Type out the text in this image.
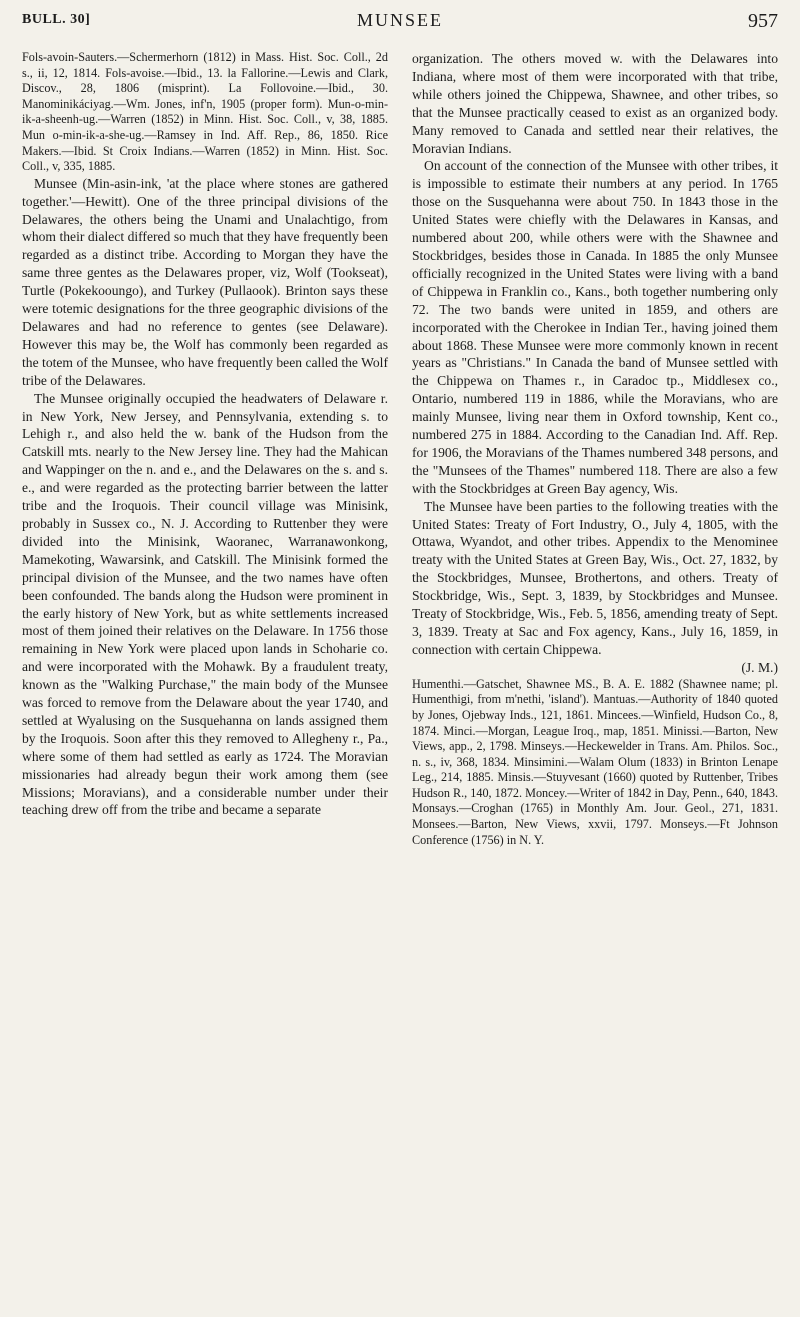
BULL. 30]	MUNSEE	957

Fols-avoin-Sauters.—Schermerhorn (1812) in Mass. Hist. Soc. Coll., 2d s., ii, 12, 1814. Fols-avoise.—Ibid., 13. la Fallorine.—Lewis and Clark, Discov., 28, 1806 (misprint). La Follovoine.—Ibid., 30. Manominikáciyag.—Wm. Jones, inf'n, 1905 (proper form). Mun-o-min-ik-a-sheenh-ug.—Warren (1852) in Minn. Hist. Soc. Coll., v, 38, 1885. Mun o-min-ik-a-she-ug.—Ramsey in Ind. Aff. Rep., 86, 1850. Rice Makers.—Ibid. St Croix Indians.—Warren (1852) in Minn. Hist. Soc. Coll., v, 335, 1885.

Munsee (Min-asin-ink, 'at the place where stones are gathered together.'—Hewitt). One of the three principal divisions of the Delawares, the others being the Unami and Unalachtigo, from whom their dialect differed so much that they have frequently been regarded as a distinct tribe. According to Morgan they have the same three gentes as the Delawares proper, viz, Wolf (Tookseat), Turtle (Pokekooungo), and Turkey (Pullaook). Brinton says these were totemic designations for the three geographic divisions of the Delawares and had no reference to gentes (see Delaware). However this may be, the Wolf has commonly been regarded as the totem of the Munsee, who have frequently been called the Wolf tribe of the Delawares.

The Munsee originally occupied the headwaters of Delaware r. in New York, New Jersey, and Pennsylvania, extending s. to Lehigh r., and also held the w. bank of the Hudson from the Catskill mts. nearly to the New Jersey line. They had the Mahican and Wappinger on the n. and e., and the Delawares on the s. and s. e., and were regarded as the protecting barrier between the latter tribe and the Iroquois. Their council village was Minisink, probably in Sussex co., N. J. According to Ruttenber they were divided into the Minisink, Waoranec, Warranawonkong, Mamekoting, Wawarsink, and Catskill. The Minisink formed the principal division of the Munsee, and the two names have often been confounded. The bands along the Hudson were prominent in the early history of New York, but as white settlements increased most of them joined their relatives on the Delaware. In 1756 those remaining in New York were placed upon lands in Schoharie co. and were incorporated with the Mohawk. By a fraudulent treaty, known as the "Walking Purchase," the main body of the Munsee was forced to remove from the Delaware about the year 1740, and settled at Wyalusing on the Susquehanna on lands assigned them by the Iroquois. Soon after this they removed to Allegheny r., Pa., where some of them had settled as early as 1724. The Moravian missionaries had already begun their work among them (see Missions; Moravians), and a considerable number under their teaching drew off from the tribe and became a separate

organization. The others moved w. with the Delawares into Indiana, where most of them were incorporated with that tribe, while others joined the Chippewa, Shawnee, and other tribes, so that the Munsee practically ceased to exist as an organized body. Many removed to Canada and settled near their relatives, the Moravian Indians.

On account of the connection of the Munsee with other tribes, it is impossible to estimate their numbers at any period. In 1765 those on the Susquehanna were about 750. In 1843 those in the United States were chiefly with the Delawares in Kansas, and numbered about 200, while others were with the Shawnee and Stockbridges, besides those in Canada. In 1885 the only Munsee officially recognized in the United States were living with a band of Chippewa in Franklin co., Kans., both together numbering only 72. The two bands were united in 1859, and others are incorporated with the Cherokee in Indian Ter., having joined them about 1868. These Munsee were more commonly known in recent years as "Christians." In Canada the band of Munsee settled with the Chippewa on Thames r., in Caradoc tp., Middlesex co., Ontario, numbered 119 in 1886, while the Moravians, who are mainly Munsee, living near them in Oxford township, Kent co., numbered 275 in 1884. According to the Canadian Ind. Aff. Rep. for 1906, the Moravians of the Thames numbered 348 persons, and the "Munsees of the Thames" numbered 118. There are also a few with the Stockbridges at Green Bay agency, Wis.

The Munsee have been parties to the following treaties with the United States: Treaty of Fort Industry, O., July 4, 1805, with the Ottawa, Wyandot, and other tribes. Appendix to the Menominee treaty with the United States at Green Bay, Wis., Oct. 27, 1832, by the Stockbridges, Munsee, Brothertons, and others. Treaty of Stockbridge, Wis., Sept. 3, 1839, by Stockbridges and Munsee. Treaty of Stockbridge, Wis., Feb. 5, 1856, amending treaty of Sept. 3, 1839. Treaty at Sac and Fox agency, Kans., July 16, 1859, in connection with certain Chippewa.

(J. M.)

Humenthi.—Gatschet, Shawnee MS., B. A. E. 1882 (Shawnee name; pl. Humenthigi, from m'nethi, 'island'). Mantuas.—Authority of 1840 quoted by Jones, Ojebway Inds., 121, 1861. Mincees.—Winfield, Hudson Co., 8, 1874. Minci.—Morgan, League Iroq., map, 1851. Minissi.—Barton, New Views, app., 2, 1798. Minseys.—Heckewelder in Trans. Am. Philos. Soc., n. s., iv, 368, 1834. Minsimini.—Walam Olum (1833) in Brinton Lenape Leg., 214, 1885. Minsis.—Stuyvesant (1660) quoted by Ruttenber, Tribes Hudson R., 140, 1872. Moncey.—Writer of 1842 in Day, Penn., 640, 1843. Monsays.—Croghan (1765) in Monthly Am. Jour. Geol., 271, 1831. Monsees.—Barton, New Views, xxvii, 1797. Monseys.—Ft Johnson Conference (1756) in N. Y.
